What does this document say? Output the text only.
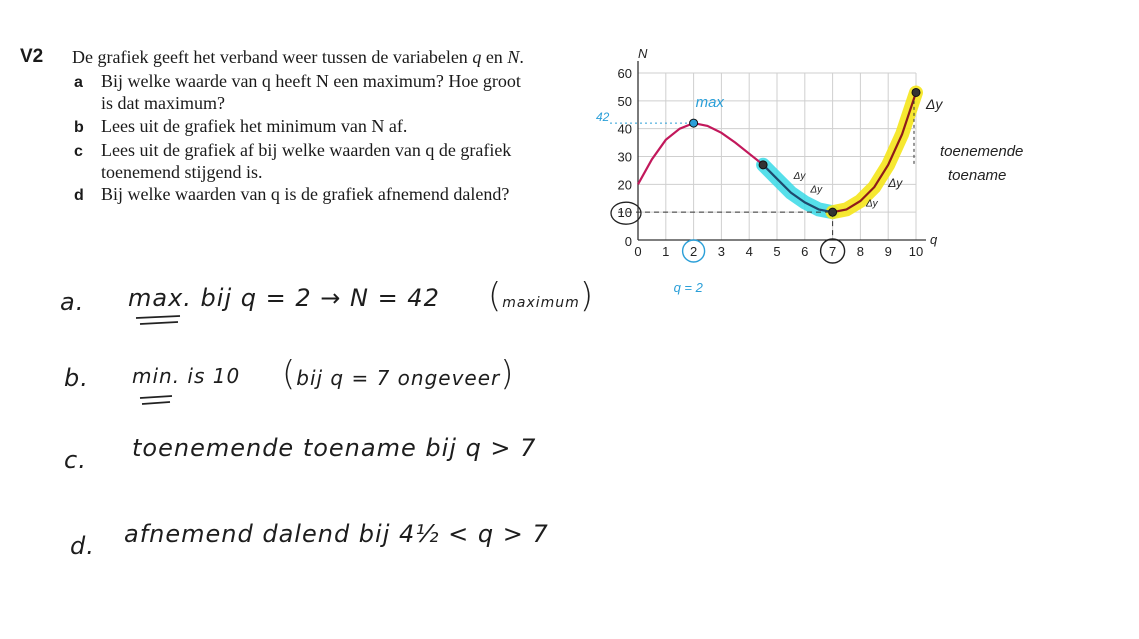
V2 De grafiek geeft het verband weer tussen de variabelen q en N.
a Bij welke waarde van q heeft N een maximum? Hoe groot
is dat maximum?
b Lees uit de grafiek het minimum van N af.
c Lees uit de grafiek af bij welke waarden van q de grafiek
toenemend stijgend is.
d Bij welke waarden van q is de grafiek afnemend dalend?
0 1 2 3 4 5 6 7 8 9 10
0
10
20
30
40
50
60
q
N
max
42
q = 2
Δy
Δy
Δy
Δy
Δy
toenemende
toename
a. max. bij q = 2 → N = 42 (maximum)
b. min. is 10 (bij q = 7 ongeveer)
c. toenemende toename bij q > 7
d. afnemend dalend bij 4½ < q > 7
